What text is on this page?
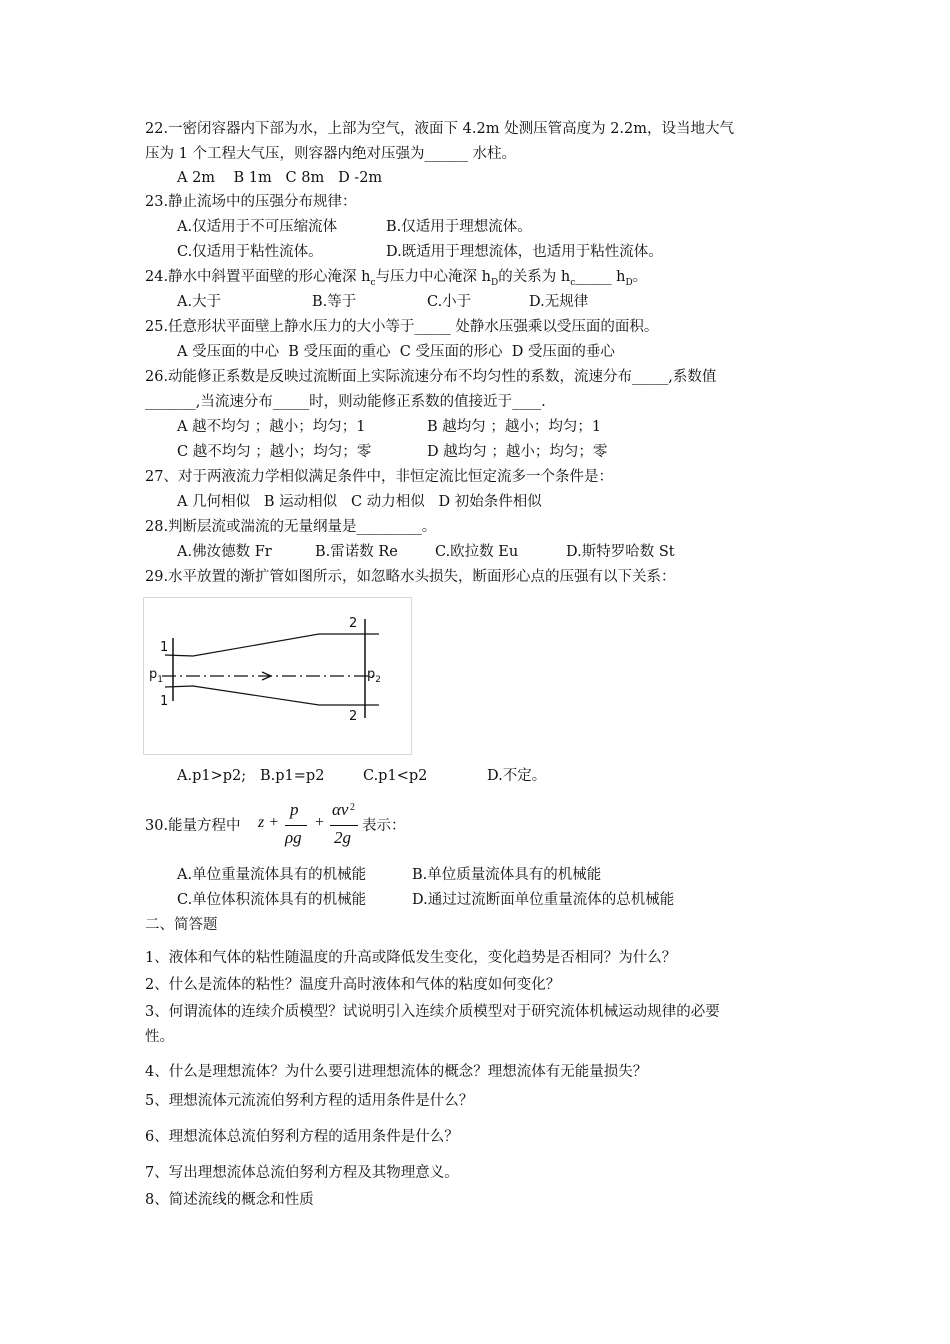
22.一密闭容器内下部为水，上部为空气，液面下 4.2m 处测压管高度为 2.2m，设当地大气
压为 1 个工程大气压，则容器内绝对压强为______ 水柱。
A 2m    B 1m   C 8m   D -2m
23.静止流场中的压强分布规律：
A.仅适用于不可压缩流体	B.仅适用于理想流体。
C.仅适用于粘性流体。	D.既适用于理想流体，也适用于粘性流体。
24.静水中斜置平面壁的形心淹深 $h_c$与压力中心淹深 $h_D$的关系为 $h_c\_\_\_\_\_$ $h_D$。
A.大于	B.等于	C.小于	D.无规律
25.任意形状平面壁上静水压力的大小等于_____ 处静水压强乘以受压面的面积。
A 受压面的中心  B 受压面的重心  C 受压面的形心  D 受压面的垂心
26.动能修正系数是反映过流断面上实际流速分布不均匀性的系数，流速分布_____,系数值
_______,当流速分布_____时，则动能修正系数的值接近于____.
A 越不均匀 ；越小；均匀；1	B 越均匀 ；越小；均匀；1
C 越不均匀 ；越小；均匀；零	D 越均匀 ；越小；均匀；零
27、对于两液流力学相似满足条件中，非恒定流比恒定流多一个条件是：
A 几何相似   B 运动相似   C 动力相似   D 初始条件相似
28.判断层流或湍流的无量纲量是_________。
A.佛汝德数 Fr	B.雷诺数 Re	C.欧拉数 Eu	D.斯特罗哈数 St
29.水平放置的渐扩管如图所示，如忽略水头损失，断面形心点的压强有以下关系：
1
1
2
2
$p_1$	$p_2$
A.p1>p2; B.p1=p2	C.p1<p2	D.不定。
30.能量方程中 z +
p
ρg
+
αv 2
2g
表示：
A.单位重量流体具有的机械能	B.单位质量流体具有的机械能
C.单位体积流体具有的机械能	D.通过过流断面单位重量流体的总机械能
二、简答题
1、液体和气体的粘性随温度的升高或降低发生变化，变化趋势是否相同？为什么？
2、什么是流体的粘性？温度升高时液体和气体的粘度如何变化？
3、何谓流体的连续介质模型？试说明引入连续介质模型对于研究流体机械运动规律的必要
性。
4、什么是理想流体？为什么要引进理想流体的概念？理想流体有无能量损失？
5、理想流体元流流伯努利方程的适用条件是什么？
6、理想流体总流伯努利方程的适用条件是什么？
7、写出理想流体总流伯努利方程及其物理意义。
8、简述流线的概念和性质
